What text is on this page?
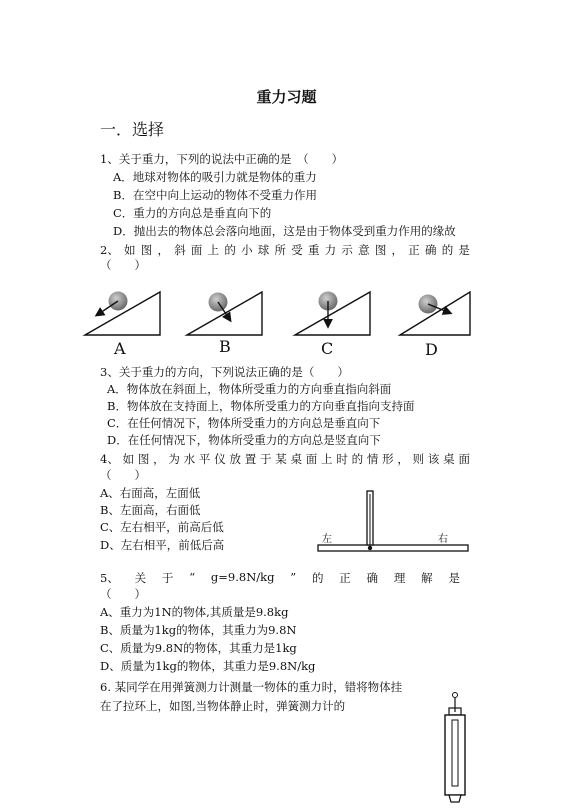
重力习题
一．选择
1、关于重力，下列的说法中正确的是　（　　）
A．地球对物体的吸引力就是物体的重力
B．在空中向上运动的物体不受重力作用
C．重力的方向总是垂直向下的
D．抛出去的物体总会落向地面，这是由于物体受到重力作用的缘故
2、 如 图 ， 斜 面 上 的 小 球 所 受 重 力 示 意 图 ， 正 确 的 是
（　　）
A	B	C	D
3、关于重力的方向，下列说法正确的是（　　）
A．物体放在斜面上，物体所受重力的方向垂直指向斜面
B．物体放在支持面上，物体所受重力的方向垂直指向支持面
C．在任何情况下，物体所受重力的方向总是垂直向下
D．在任何情况下，物体所受重力的方向总是竖直向下
4、 如 图 ， 为 水 平 仪 放 置 于 某 桌 面 上 时 的 情 形 ， 则 该 桌 面
（　　）
A、右面高，左面低
B、左面高，右面低
C、左右相平，前高后低
D、左右相平，前低后高	左	右
5、 关 于 “ g=9.8N/kg ” 的 正 确 理 解 是
（　　）
A、重力为1N的物体,其质量是9.8kg
B、质量为1kg的物体，其重力为9.8N
C、质量为9.8N的物体，其重力是1kg
D、质量为1kg的物体，其重力是9.8N/kg
6. 某同学在用弹簧测力计测量一物体的重力时，错将物体挂
在了拉环上，如图,当物体静止时，弹簧测力计的
